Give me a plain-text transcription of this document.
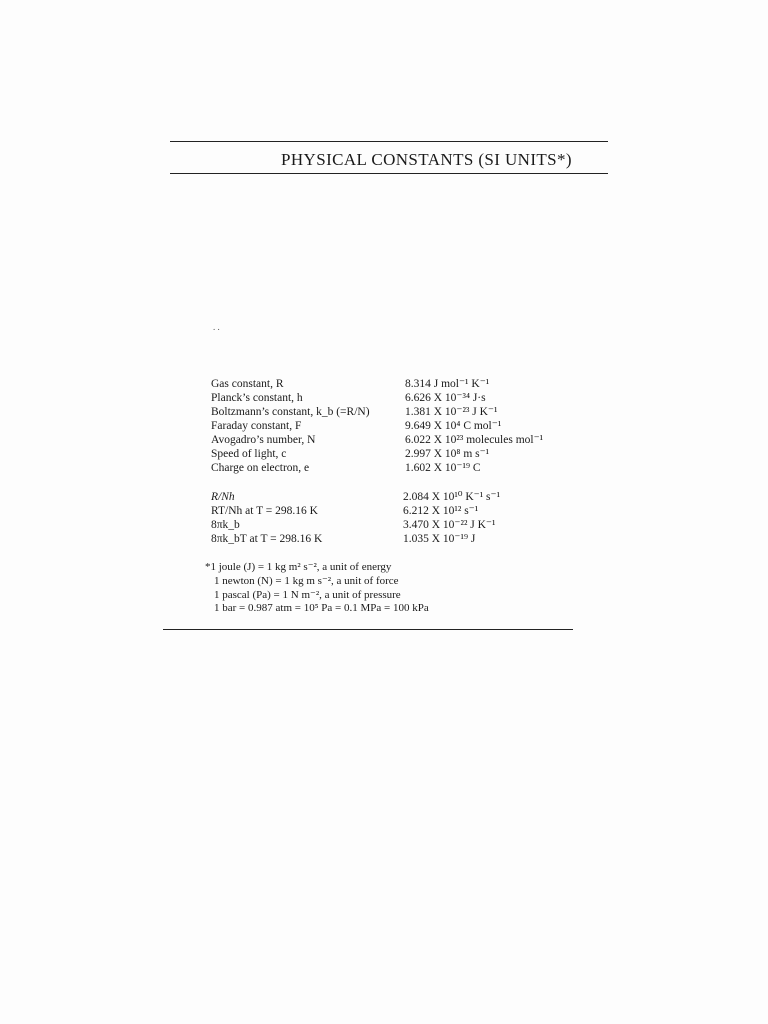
PHYSICAL CONSTANTS (SI UNITS*)
. .
Gas constant, R	8.314 J mol⁻¹ K⁻¹
Planck’s constant, h	6.626 X 10⁻³⁴ J·s
Boltzmann’s constant, k_b (=R/N)	1.381 X 10⁻²³ J K⁻¹
Faraday constant, F	9.649 X 10⁴ C mol⁻¹
Avogadro’s number, N	6.022 X 10²³ molecules mol⁻¹
Speed of light, c	2.997 X 10⁸ m s⁻¹
Charge on electron, e	1.602 X 10⁻¹⁹ C
R/Nh	2.084 X 10¹⁰ K⁻¹ s⁻¹
RT/Nh at T = 298.16 K	6.212 X 10¹² s⁻¹
8πk_b	3.470 X 10⁻²² J K⁻¹
8πk_bT at T = 298.16 K	1.035 X 10⁻¹⁹ J
*1 joule (J) = 1 kg m² s⁻², a unit of energy
1 newton (N) = 1 kg m s⁻², a unit of force
1 pascal (Pa) = 1 N m⁻², a unit of pressure
1 bar = 0.987 atm = 10⁵ Pa = 0.1 MPa = 100 kPa
